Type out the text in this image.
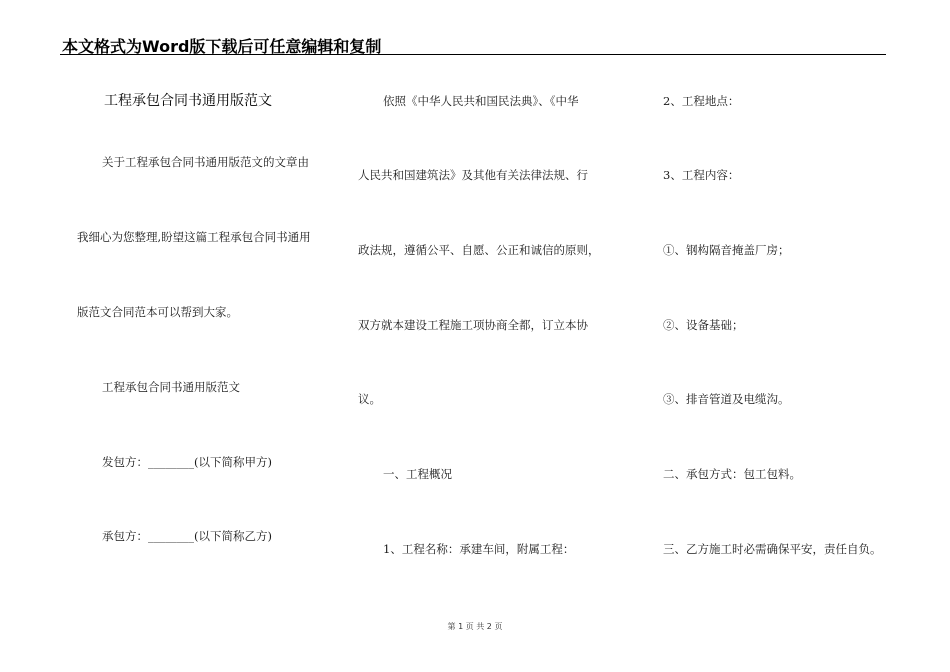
本文格式为Word版下载后可任意编辑和复制
工程承包合同书通用版范文
关于工程承包合同书通用版范文的文章由
我细心为您整理,盼望这篇工程承包合同书通用
版范文合同范本可以帮到大家。
工程承包合同书通用版范文
发包方：________(以下简称甲方)
承包方：________(以下简称乙方)
依照《中华人民共和国民法典》、《中华
人民共和国建筑法》及其他有关法律法规、行
政法规，遵循公平、自愿、公正和诚信的原则，
双方就本建设工程施工项协商全都，订立本协
议。
一、工程概况
1、工程名称：承建车间，附属工程：
2、工程地点：
3、工程内容：
①、钢构隔音掩盖厂房；
②、设备基础；
③、排音管道及电缆沟。
二、承包方式：包工包料。
三、乙方施工时必需确保平安，责任自负。
第 1 页 共 2 页
